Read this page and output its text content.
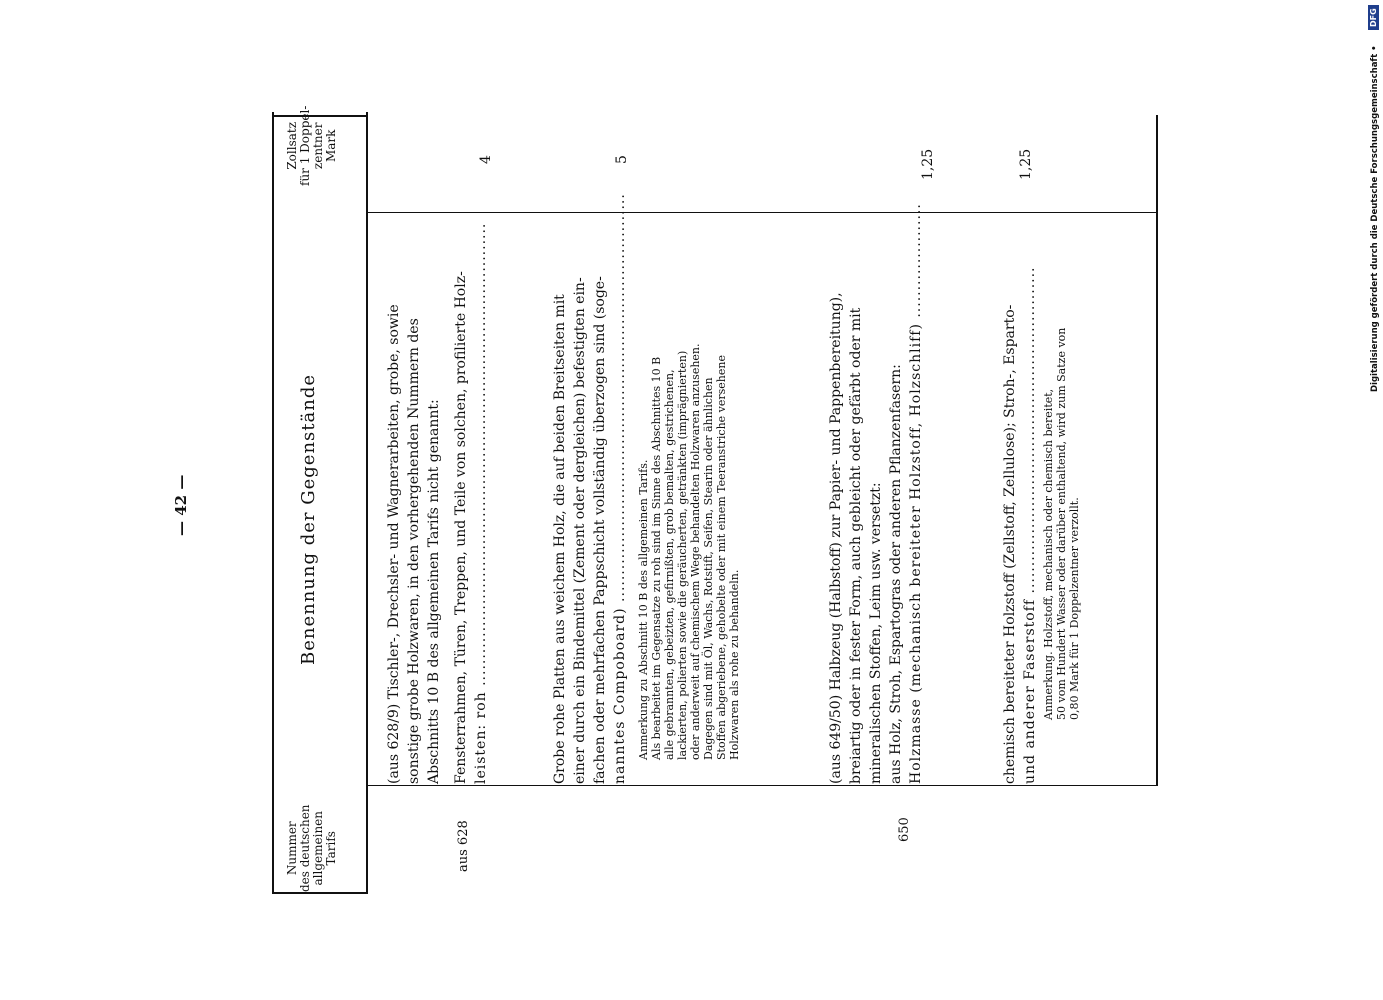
— 42 —
Nummer des deutschen allgemeinen Tarifs
Benennung der Gegenstände
Zollsatz für 1 Doppel- zentner Mark
(aus 628/9) Tischler-, Drechsler- und Wagnerarbeiten, grobe, sowie sonstige grobe Holzwaren, in den vorhergehenden Nummern des Abschnitts 10 B des allgemeinen Tarifs nicht genannt:
aus 628
Fensterrahmen, Türen, Treppen, und Teile von solchen, profilierte Holz- leisten: roh .....................................................................................
4
Grobe rohe Platten aus weichem Holz, die auf beiden Breitseiten mit einer durch ein Bindemittel (Zement oder dergleichen) befestigten ein- fachen oder mehrfachen Pappschicht vollständig überzogen sind (soge- nanntes Compoboard) ........................................................................... Anmerkung zu Abschnitt 10 B des allgemeinen Tarifs. Als bearbeitet im Gegensatze zu roh sind im Sinne des Abschnittes 10 B alle gebrannten, gebeizten, gefirnißten, grob bemalten, gestrichenen, lackierten, polierten sowie die geräucherten, getränkten (imprägnierten) oder anderweit auf chemischem Wege behandelten Holzwaren anzusehen. Dagegen sind mit Öl, Wachs, Rotstift, Seifen, Stearin oder ähnlichen Stoffen abgeriebene, gehobelte oder mit einem Teeranstriche versehene Holzwaren als rohe zu behandeln.
5
650
(aus 649/50) Halbzeug (Halbstoff) zur Papier- und Pappenbereitung), breiartig oder in fester Form, auch gebleicht oder gefärbt oder mit mineralischen Stoffen, Leim usw. versetzt: aus Holz, Stroh, Espartogras oder anderen Pflanzenfasern: Holzmasse (mechanisch bereiteter Holzstoff, Holzschliff) .....................
1,25
chemisch bereiteter Holzstoff (Zellstoff, Zellulose); Stroh-, Esparto- und anderer Faserstoff ............................................................ Anmerkung. Holzstoff, mechanisch oder chemisch bereitet, 50 vom Hundert Wasser oder darüber enthaltend, wird zum Satze von 0,80 Mark für 1 Doppelzentner verzollt.
1,25	Digitalisierung gefördert durch die Deutsche Forschungsgemeinschaft •
DFG
